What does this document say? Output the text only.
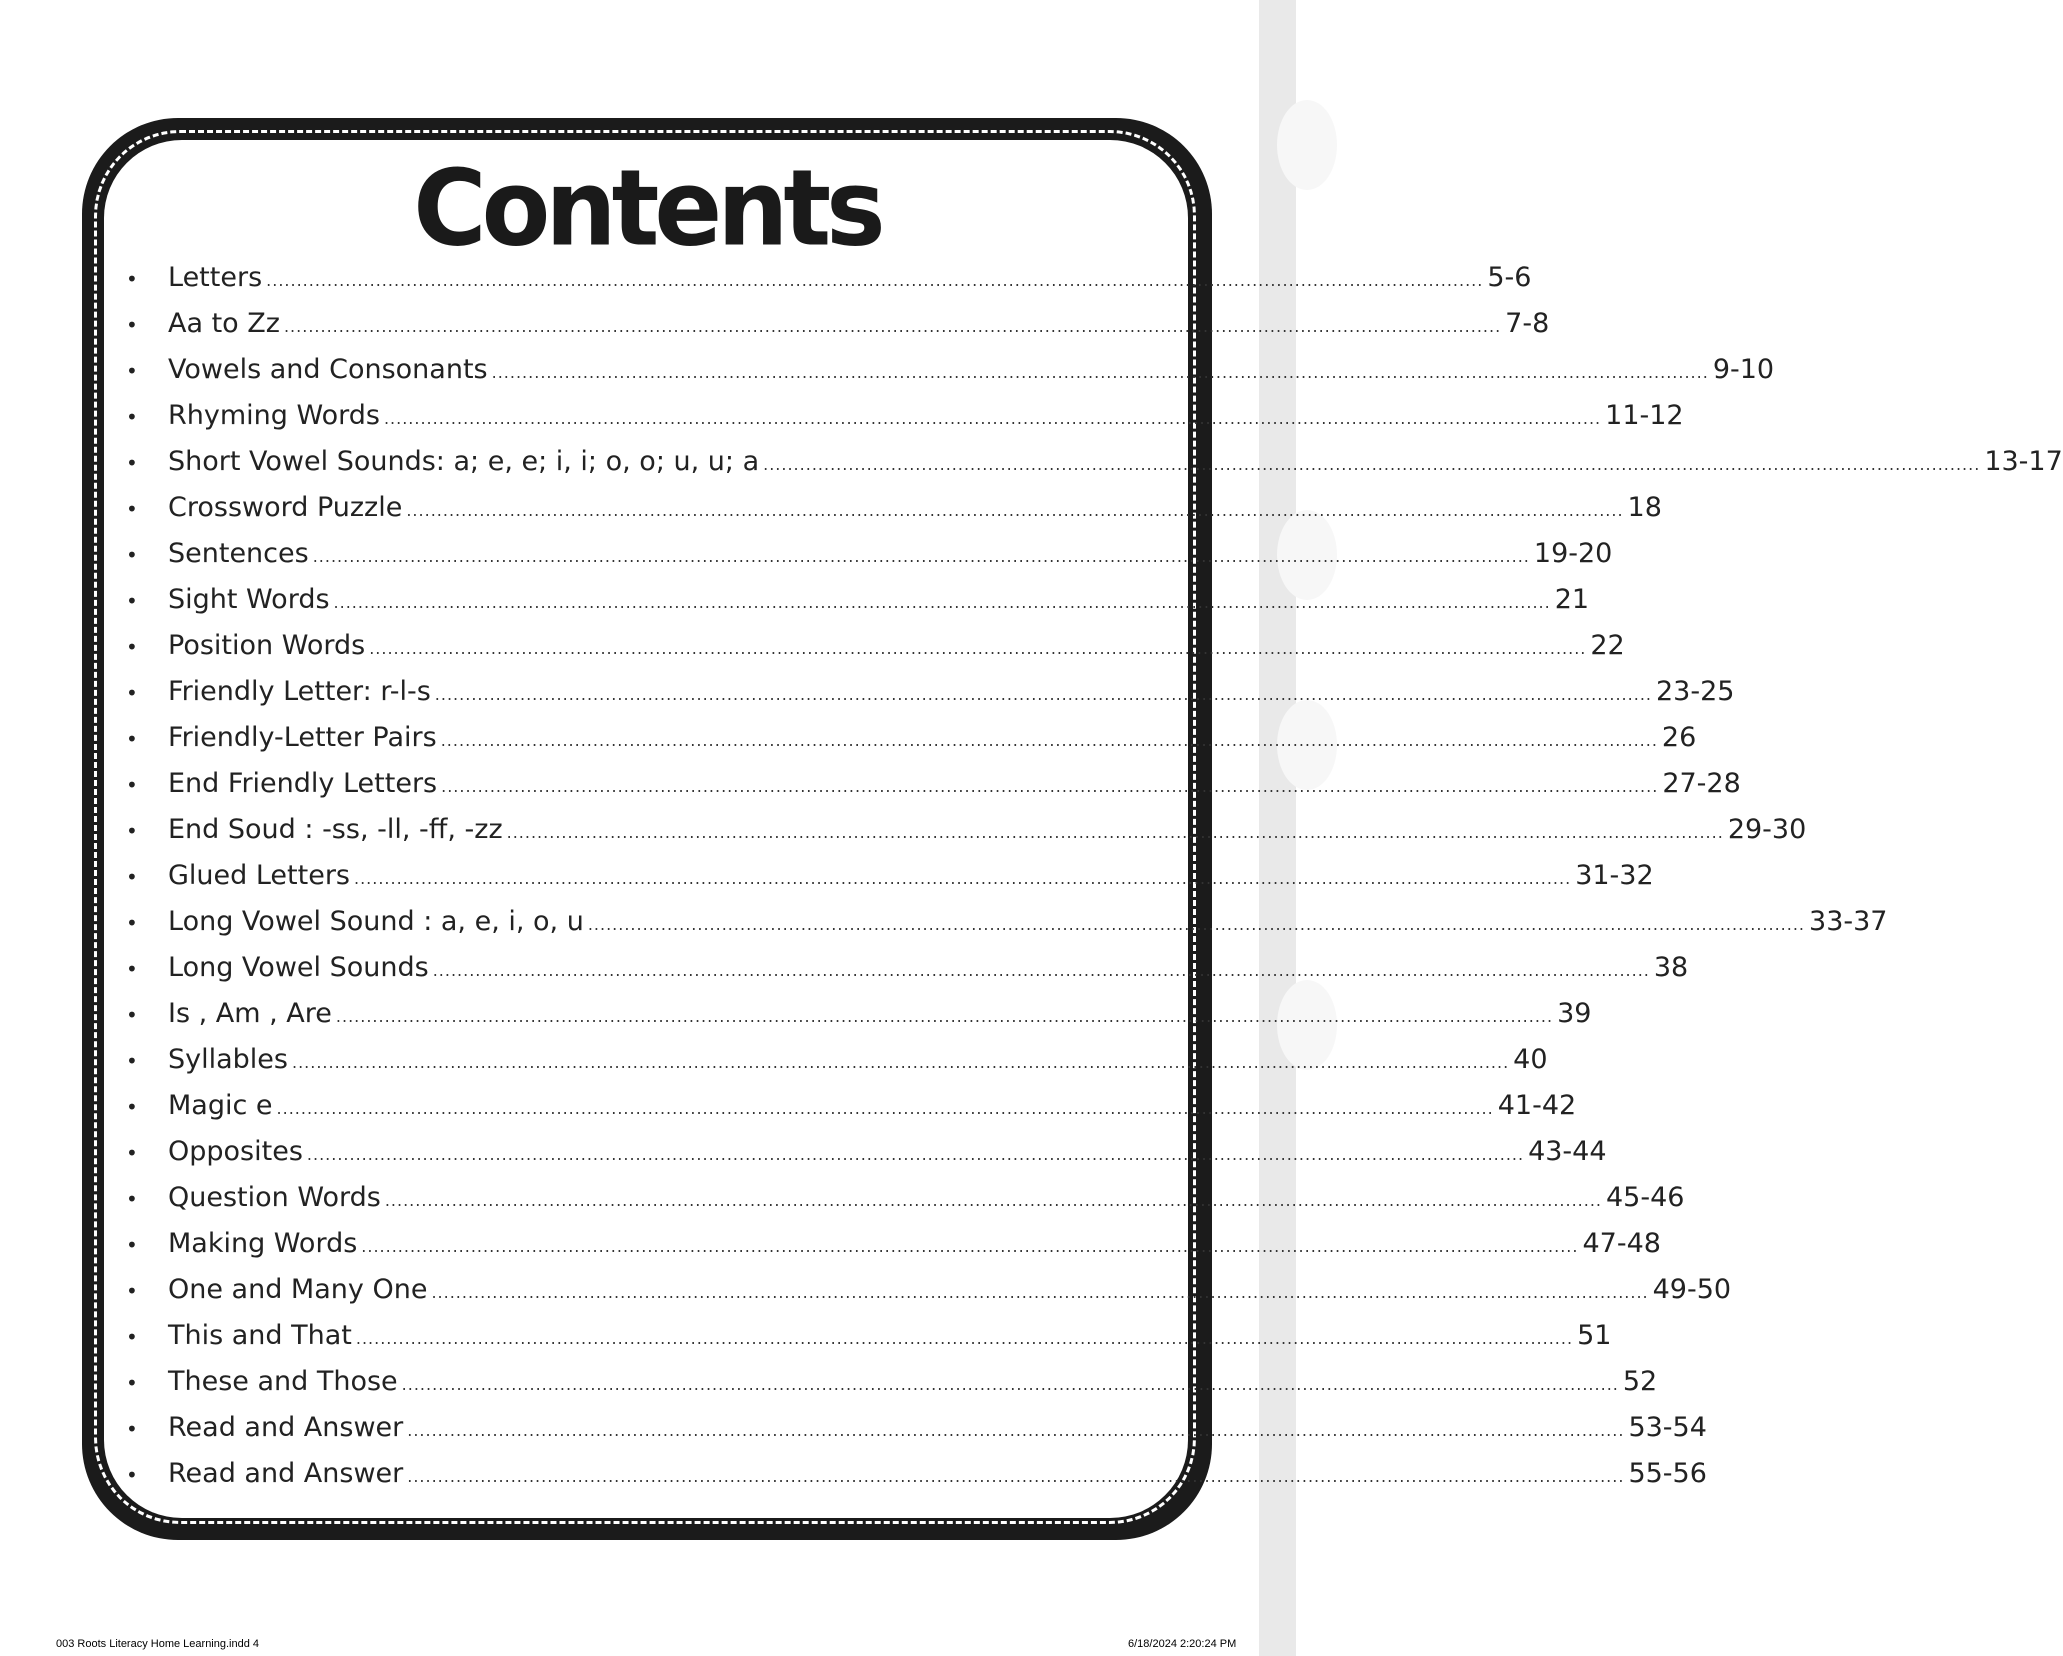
Contents
•	Letters ........................................................................................................................................................................................................ 5-6
•	Aa to Zz ........................................................................................................................................................................................................ 7-8
•	Vowels and Consonants ........................................................................................................................................................................................................ 9-10
•	Rhyming Words ........................................................................................................................................................................................................ 11-12
•	Short Vowel Sounds: a; e, e; i, i; o, o; u, u; a ........................................................................................................................................................................................................ 13-17
•	Crossword Puzzle ........................................................................................................................................................................................................ 18
•	Sentences ........................................................................................................................................................................................................ 19-20
•	Sight Words ........................................................................................................................................................................................................ 21
•	Position Words ........................................................................................................................................................................................................ 22
•	Friendly Letter: r-l-s ........................................................................................................................................................................................................ 23-25
•	Friendly-Letter Pairs ........................................................................................................................................................................................................ 26
•	End Friendly Letters ........................................................................................................................................................................................................ 27-28
•	End Soud : -ss, -ll, -ff, -zz ........................................................................................................................................................................................................ 29-30
•	Glued Letters ........................................................................................................................................................................................................ 31-32
•	Long Vowel Sound : a, e, i, o, u ........................................................................................................................................................................................................ 33-37
•	Long Vowel Sounds ........................................................................................................................................................................................................ 38
•	Is , Am , Are ........................................................................................................................................................................................................ 39
•	Syllables ........................................................................................................................................................................................................ 40
•	Magic e ........................................................................................................................................................................................................ 41-42
•	Opposites ........................................................................................................................................................................................................ 43-44
•	Question Words ........................................................................................................................................................................................................ 45-46
•	Making Words ........................................................................................................................................................................................................ 47-48
•	One and Many One ........................................................................................................................................................................................................ 49-50
•	This and That ........................................................................................................................................................................................................ 51
•	These and Those ........................................................................................................................................................................................................ 52
•	Read and Answer ........................................................................................................................................................................................................ 53-54
•	Read and Answer ........................................................................................................................................................................................................ 55-56
003 Roots Literacy Home Learning.indd 4	6/18/2024 2:20:24 PM
